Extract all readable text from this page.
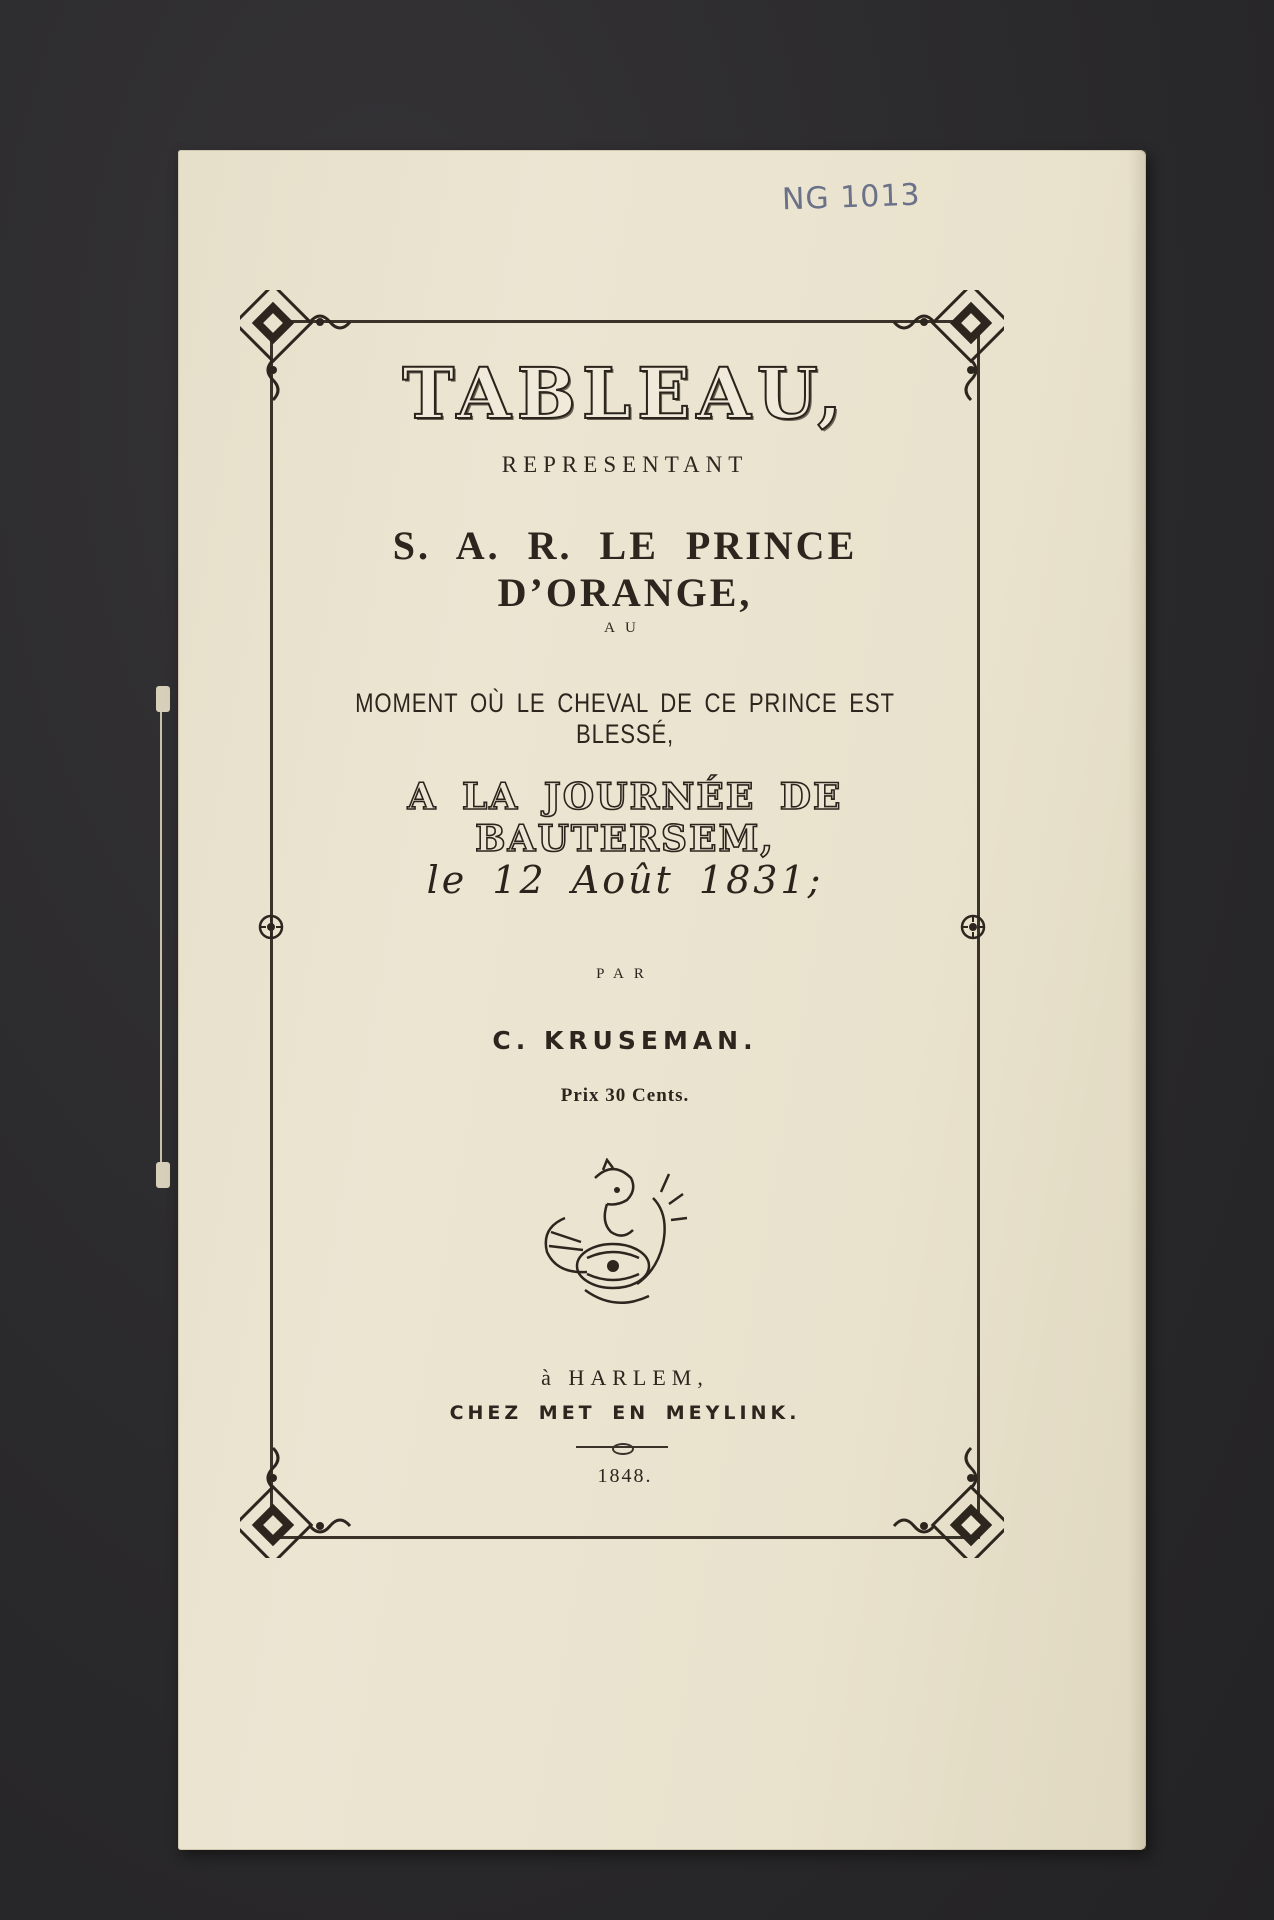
NG 1013
TABLEAU,
REPRESENTANT
S. A. R. LE PRINCE D’ORANGE,
AU
MOMENT OÙ LE CHEVAL DE CE PRINCE EST BLESSÉ,
A LA JOURNÉE DE BAUTERSEM,
le 12 Août 1831;
PAR
C. KRUSEMAN.
Prix 30 Cents.
à HARLEM,
CHEZ MET EN MEYLINK.
1848.
